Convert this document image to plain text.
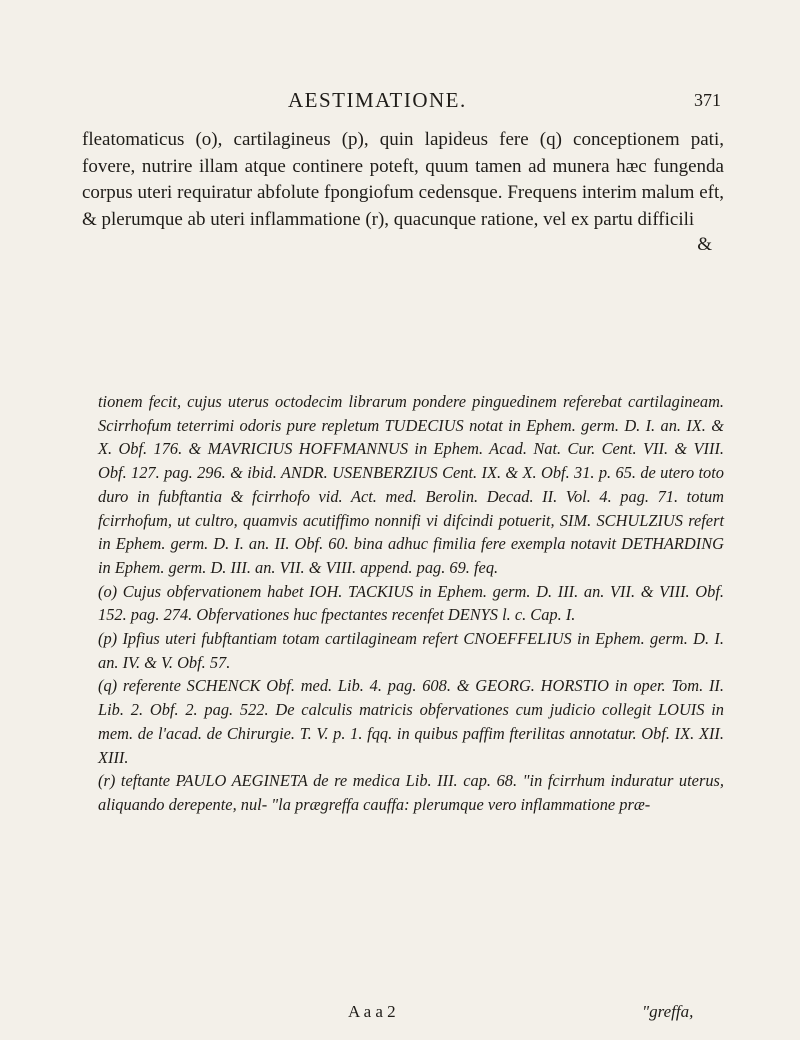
AESTIMATIONE.	371

fleatomaticus (o), cartilagineus (p), quin lapideus fere (q) conceptionem pati, fovere, nutrire illam atque continere poteft, quum tamen ad munera hæc fungenda corpus uteri requiratur abfolute fpongiofum cedensque. Frequens interim malum eft, & plerumque ab uteri inflammatione (r), quacunque ratione, vel ex partu difficili

&

tionem fecit, cujus uterus octodecim librarum pondere pinguedinem referebat cartilagineam. Scirrhofum teterrimi odoris pure repletum TUDECIUS notat in Ephem. germ. D. I. an. IX. & X. Obf. 176. & MAVRICIUS HOFFMANNUS in Ephem. Acad. Nat. Cur. Cent. VII. & VIII. Obf. 127. pag. 296. & ibid. ANDR. USENBERZIUS Cent. IX. & X. Obf. 31. p. 65. de utero toto duro in fubftantia & fcirrhofo vid. Act. med. Berolin. Decad. II. Vol. 4. pag. 71. totum fcirrhofum, ut cultro, quamvis acutiffimo nonnifi vi difcindi potuerit, SIM. SCHULZIUS refert in Ephem. germ. D. I. an. II. Obf. 60. bina adhuc fimilia fere exempla notavit DETHARDING in Ephem. germ. D. III. an. VII. & VIII. append. pag. 69. feq.

(o) Cujus obfervationem habet IOH. TACKIUS in Ephem. germ. D. III. an. VII. & VIII. Obf. 152. pag. 274. Obfervationes huc fpectantes recenfet DENYS l. c. Cap. I.

(p) Ipfius uteri fubftantiam totam cartilagineam refert CNOEFFELIUS in Ephem. germ. D. I. an. IV. & V. Obf. 57.

(q) referente SCHENCK Obf. med. Lib. 4. pag. 608. & GEORG. HORSTIO in oper. Tom. II. Lib. 2. Obf. 2. pag. 522. De calculis matricis obfervationes cum judicio collegit LOUIS in mem. de l'acad. de Chirurgie. T. V. p. 1. fqq. in quibus paffim fterilitas annotatur. Obf. IX. XII. XIII.

(r) teftante PAULO AEGINETA de re medica Lib. III. cap. 68. "in fcirrhum induratur uterus, aliquando derepente, nul- "la prægreffa cauffa: plerumque vero inflammatione præ-

A a a 2	"greffa,
